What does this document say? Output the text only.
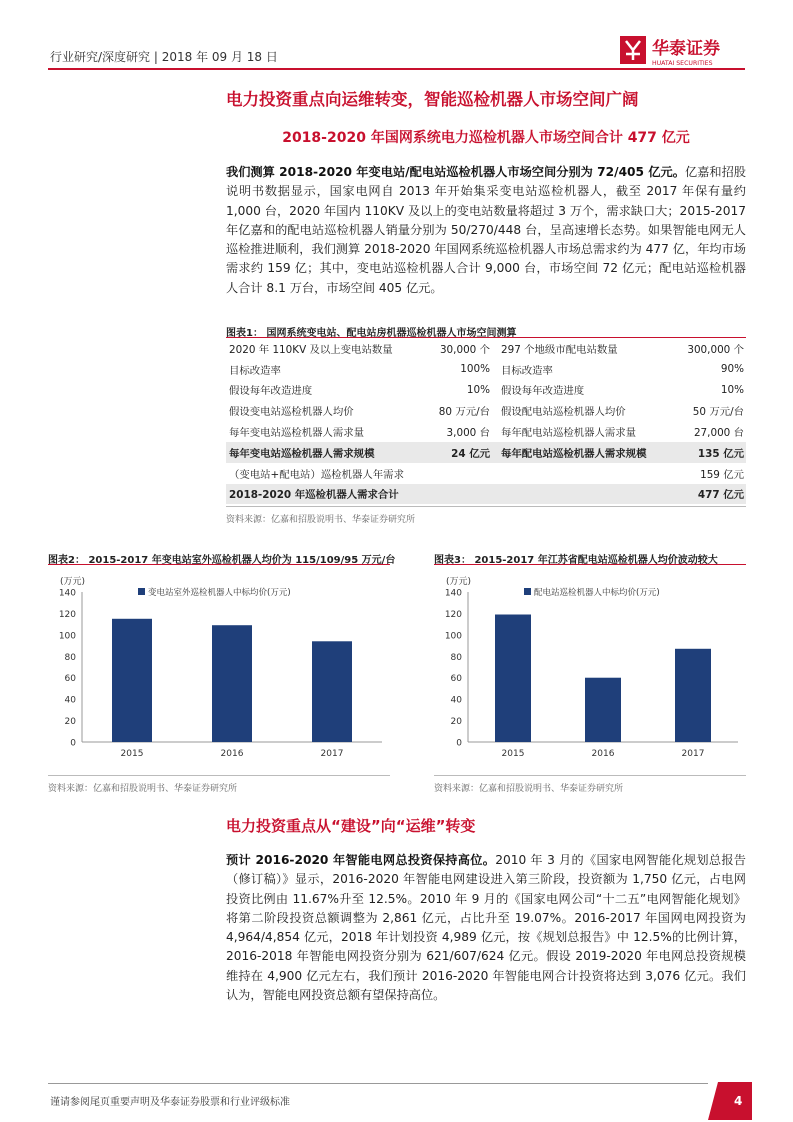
行业研究/深度研究 | 2018 年 09 月 18 日	华泰证券
HUATAI SECURITIES
电力投资重点向运维转变，智能巡检机器人市场空间广阔
2018-2020 年国网系统电力巡检机器人市场空间合计 477 亿元
我们测算 2018-2020 年变电站/配电站巡检机器人市场空间分别为 72/405 亿元。亿嘉和招股说明书数据显示，国家电网自 2013 年开始集采变电站巡检机器人，截至 2017 年保有量约 1,000 台，2020 年国内 110KV 及以上的变电站数量将超过 3 万个，需求缺口大；2015-2017 年亿嘉和的配电站巡检机器人销量分别为 50/270/448 台，呈高速增长态势。如果智能电网无人巡检推进顺利，我们测算 2018-2020 年国网系统巡检机器人市场总需求约为 477 亿，年均市场需求约 159 亿；其中，变电站巡检机器人合计 9,000 台，市场空间 72 亿元；配电站巡检机器人合计 8.1 万台，市场空间 405 亿元。
图表1： 国网系统变电站、配电站房机器巡检机器人市场空间测算
2020 年 110KV 及以上变电站数量	30,000 个	297 个地级市配电站数量	300,000 个
目标改造率	100%	目标改造率	90%
假设每年改造进度	10%	假设每年改造进度	10%
假设变电站巡检机器人均价	80 万元/台	假设配电站巡检机器人均价	50 万元/台
每年变电站巡检机器人需求量	3,000 台	每年配电站巡检机器人需求量	27,000 台
每年变电站巡检机器人需求规模	24 亿元	每年配电站巡检机器人需求规模	135 亿元
（变电站+配电站）巡检机器人年需求			159 亿元
2018-2020 年巡检机器人需求合计			477 亿元
资料来源：亿嘉和招股说明书、华泰证券研究所
图表2： 2015-2017 年变电站室外巡检机器人均价为 115/109/95 万元/台	图表3： 2015-2017 年江苏省配电站巡检机器人均价波动较大
(万元)
变电站室外巡检机器人中标均价(万元)
0
20
40
60
80
100
120
140
2015	2016	2017
(万元)
配电站巡检机器人中标均价(万元)
0
20
40
60
80
100
120
140
2015	2016	2017
资料来源：亿嘉和招股说明书、华泰证券研究所	资料来源：亿嘉和招股说明书、华泰证券研究所
电力投资重点从“建设”向“运维”转变
预计 2016-2020 年智能电网总投资保持高位。2010 年 3 月的《国家电网智能化规划总报告（修订稿）》显示，2016-2020 年智能电网建设进入第三阶段，投资额为 1,750 亿元，占电网投资比例由 11.67%升至 12.5%。2010 年 9 月的《国家电网公司“十二五”电网智能化规划》将第二阶段投资总额调整为 2,861 亿元，占比升至 19.07%。2016-2017 年国网电网投资为 4,964/4,854 亿元，2018 年计划投资 4,989 亿元，按《规划总报告》中 12.5%的比例计算，2016-2018 年智能电网投资分别为 621/607/624 亿元。假设 2019-2020 年电网总投资规模维持在 4,900 亿元左右，我们预计 2016-2020 年智能电网合计投资将达到 3,076 亿元。我们认为，智能电网投资总额有望保持高位。
谨请参阅尾页重要声明及华泰证券股票和行业评级标准	4
